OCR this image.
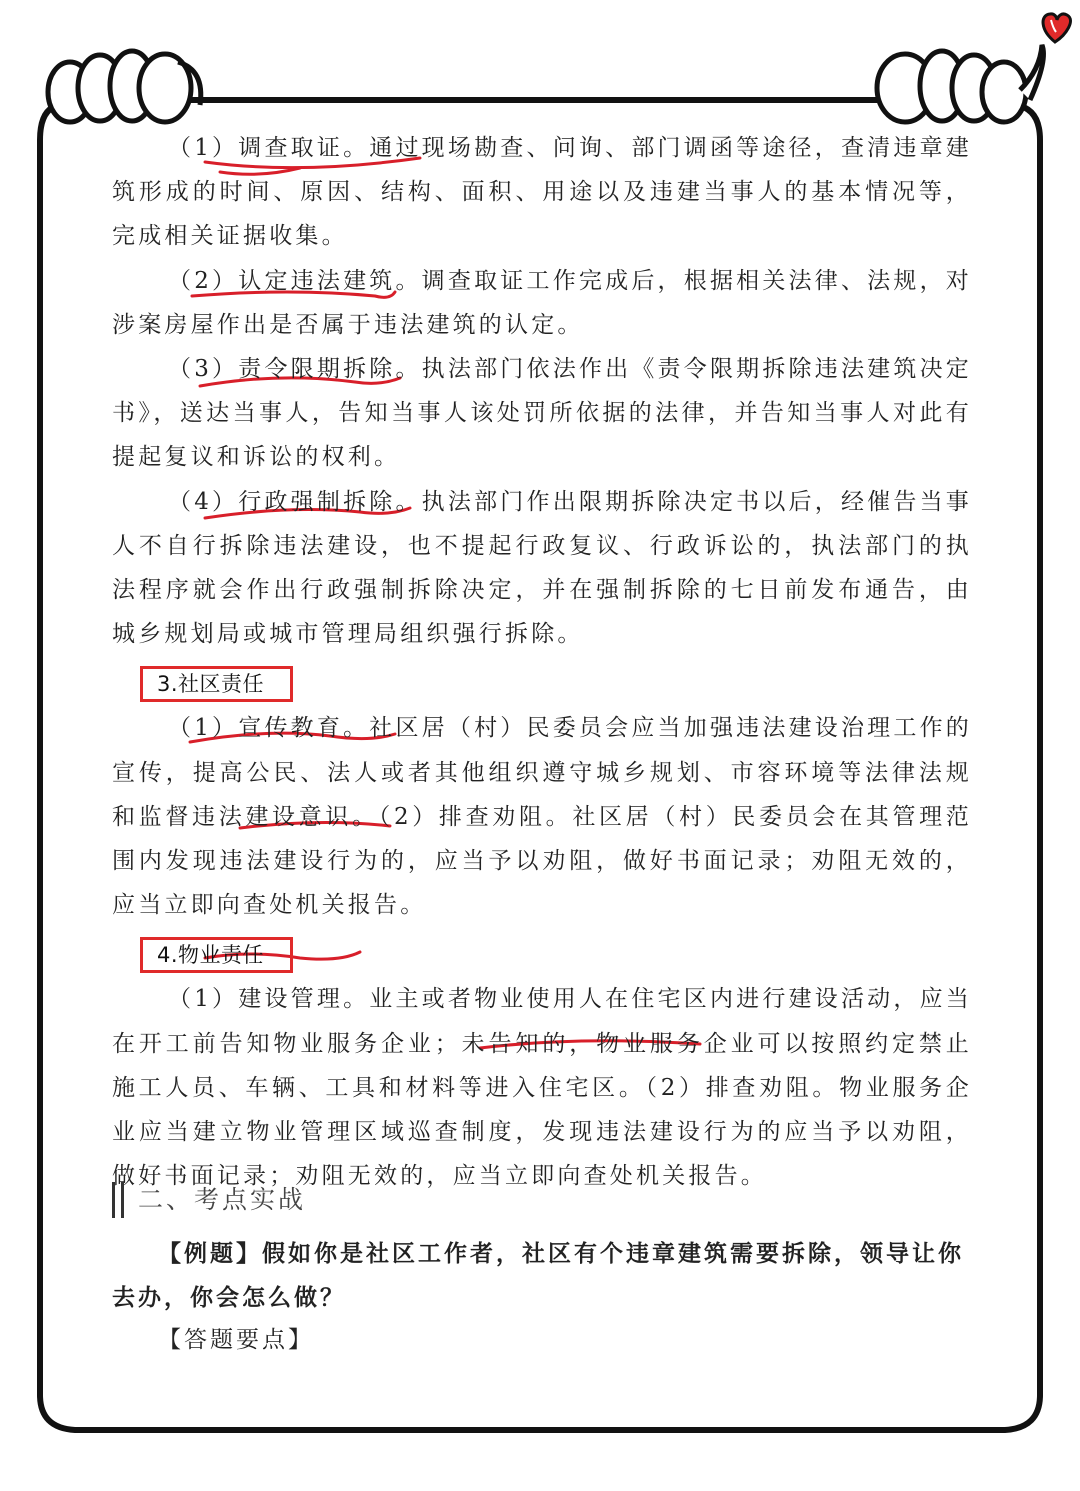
（1）调查取证。通过现场勘查、问询、部门调函等途径，查清违章建筑形成的时间、原因、结构、面积、用途以及违建当事人的基本情况等，完成相关证据收集。

（2）认定违法建筑。调查取证工作完成后，根据相关法律、法规，对涉案房屋作出是否属于违法建筑的认定。

（3）责令限期拆除。执法部门依法作出《责令限期拆除违法建筑决定书》，送达当事人，告知当事人该处罚所依据的法律，并告知当事人对此有提起复议和诉讼的权利。

（4）行政强制拆除。执法部门作出限期拆除决定书以后，经催告当事人不自行拆除违法建设，也不提起行政复议、行政诉讼的，执法部门的执法程序就会作出行政强制拆除决定，并在强制拆除的七日前发布通告，由城乡规划局或城市管理局组织强行拆除。

3.社区责任

（1）宣传教育。社区居（村）民委员会应当加强违法建设治理工作的宣传，提高公民、法人或者其他组织遵守城乡规划、市容环境等法律法规和监督违法建设意识。（2）排查劝阻。社区居（村）民委员会在其管理范围内发现违法建设行为的，应当予以劝阻，做好书面记录；劝阻无效的，应当立即向查处机关报告。

4.物业责任

（1）建设管理。业主或者物业使用人在住宅区内进行建设活动，应当在开工前告知物业服务企业；未告知的，物业服务企业可以按照约定禁止施工人员、车辆、工具和材料等进入住宅区。（2）排查劝阻。物业服务企业应当建立物业管理区域巡查制度，发现违法建设行为的应当予以劝阻，做好书面记录；劝阻无效的，应当立即向查处机关报告。

二、考点实战

【例题】假如你是社区工作者，社区有个违章建筑需要拆除，领导让你去办，你会怎么做？

【答题要点】
